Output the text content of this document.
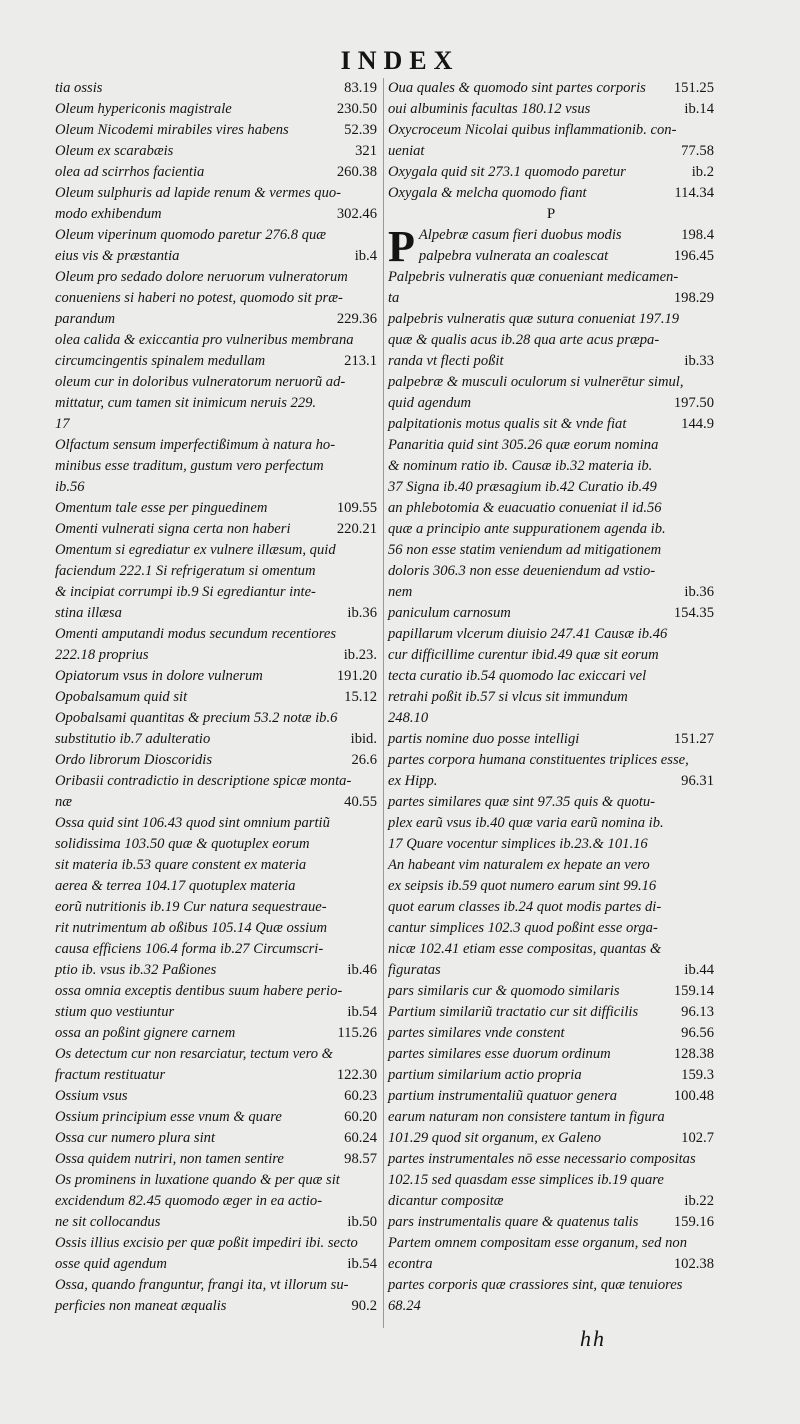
INDEX
83.19
tia ossis
230.50
Oleum hypericonis magistrale
52.39
Oleum Nicodemi mirabiles vires habens
321
Oleum ex scarabæis
260.38
olea ad scirrhos facientia
Oleum sulphuris ad lapide renum & vermes quo-
302.46
modo exhibendum
Oleum viperinum quomodo paretur 276.8 quæ
ib.4
eius vis & præstantia
Oleum pro sedado dolore neruorum vulneratorum
conueniens si haberi no potest, quomodo sit præ-
229.36
parandum
olea calida & exiccantia pro vulneribus membrana
213.1
circumcingentis spinalem medullam
oleum cur in doloribus vulneratorum neruorũ ad-
mittatur, cum tamen sit inimicum neruis 229.
17
Olfactum sensum imperfectißimum à natura ho-
minibus esse traditum, gustum vero perfectum
ib.56
109.55
Omentum tale esse per pinguedinem
220.21
Omenti vulnerati signa certa non haberi
Omentum si egrediatur ex vulnere illæsum, quid
faciendum 222.1 Si refrigeratum si omentum
& incipiat corrumpi ib.9 Si egrediantur inte-
ib.36
stina illæsa
Omenti amputandi modus secundum recentiores
ib.23.
222.18 proprius
191.20
Opiatorum vsus in dolore vulnerum
15.12
Opobalsamum quid sit
Opobalsami quantitas & precium 53.2 notæ ib.6
ibid.
substitutio ib.7 adulteratio
26.6
Ordo librorum Dioscoridis
Oribasii contradictio in descriptione spicæ monta-
40.55
næ
Ossa quid sint 106.43 quod sint omnium partiũ
solidissima 103.50 quæ & quotuplex eorum
sit materia ib.53 quare constent ex materia
aerea & terrea 104.17 quotuplex materia
eorũ nutritionis ib.19 Cur natura sequestraue-
rit nutrimentum ab oßibus 105.14 Quæ ossium
causa efficiens 106.4 forma ib.27 Circumscri-
ib.46
ptio ib. vsus ib.32 Paßiones
ossa omnia exceptis dentibus suum habere perio-
ib.54
stium quo vestiuntur
115.26
ossa an poßint gignere carnem
Os detectum cur non resarciatur, tectum vero &
122.30
fractum restituatur
60.23
Ossium vsus
60.20
Ossium principium esse vnum & quare
60.24
Ossa cur numero plura sint
98.57
Ossa quidem nutriri, non tamen sentire
Os prominens in luxatione quando & per quæ sit
excidendum 82.45 quomodo æger in ea actio-
ib.50
ne sit collocandus
Ossis illius excisio per quæ poßit impediri ibi. secto
ib.54
osse quid agendum
Ossa, quando franguntur, frangi ita, vt illorum su-
90.2
perficies non maneat æqualis
151.25
Oua quales & quomodo sint partes corporis
ib.14
oui albuminis facultas 180.12 vsus
Oxycroceum Nicolai quibus inflammationib. con-
77.58
ueniat
ib.2
Oxygala quid sit 273.1 quomodo paretur
114.34
Oxygala & melcha quomodo fiant
P
P	198.4
Alpebræ casum fieri duobus modis
196.45
palpebra vulnerata an coalescat
Palpebris vulneratis quæ conueniant medicamen-
198.29
ta
palpebris vulneratis quæ sutura conueniat 197.19
quæ & qualis acus ib.28 qua arte acus præpa-
ib.33
randa vt flecti poßit
palpebræ & musculi oculorum si vulnerētur simul,
197.50
quid agendum
144.9
palpitationis motus qualis sit & vnde fiat
Panaritia quid sint 305.26 quæ eorum nomina
& nominum ratio ib. Causæ ib.32 materia ib.
37 Signa ib.40 præsagium ib.42 Curatio ib.49
an phlebotomia & euacuatio conueniat il id.56
quæ a principio ante suppurationem agenda ib.
56 non esse statim veniendum ad mitigationem
doloris 306.3 non esse deueniendum ad vstio-
ib.36
nem
154.35
paniculum carnosum
papillarum vlcerum diuisio 247.41 Causæ ib.46
cur difficillime curentur ibid.49 quæ sit eorum
tecta curatio ib.54 quomodo lac exiccari vel
retrahi poßit ib.57 si vlcus sit immundum
248.10
151.27
partis nomine duo posse intelligi
partes corpora humana constituentes triplices esse,
96.31
ex Hipp.
partes similares quæ sint 97.35 quis & quotu-
plex earũ vsus ib.40 quæ varia earũ nomina ib.
17 Quare vocentur simplices ib.23.& 101.16
An habeant vim naturalem ex hepate an vero
ex seipsis ib.59 quot numero earum sint 99.16
quot earum classes ib.24 quot modis partes di-
cantur simplices 102.3 quod poßint esse orga-
nicæ 102.41 etiam esse compositas, quantas &
ib.44
figuratas
159.14
pars similaris cur & quomodo similaris
96.13
Partium similariũ tractatio cur sit difficilis
96.56
partes similares vnde constent
128.38
partes similares esse duorum ordinum
159.3
partium similarium actio propria
100.48
partium instrumentaliũ quatuor genera
earum naturam non consistere tantum in figura
102.7
101.29 quod sit organum, ex Galeno
partes instrumentales nō esse necessario compositas
102.15 sed quasdam esse simplices ib.19 quare
ib.22
dicantur compositæ
159.16
pars instrumentalis quare & quatenus talis
Partem omnem compositam esse organum, sed non
102.38
econtra
partes corporis quæ crassiores sint, quæ tenuiores
68.24
hh
